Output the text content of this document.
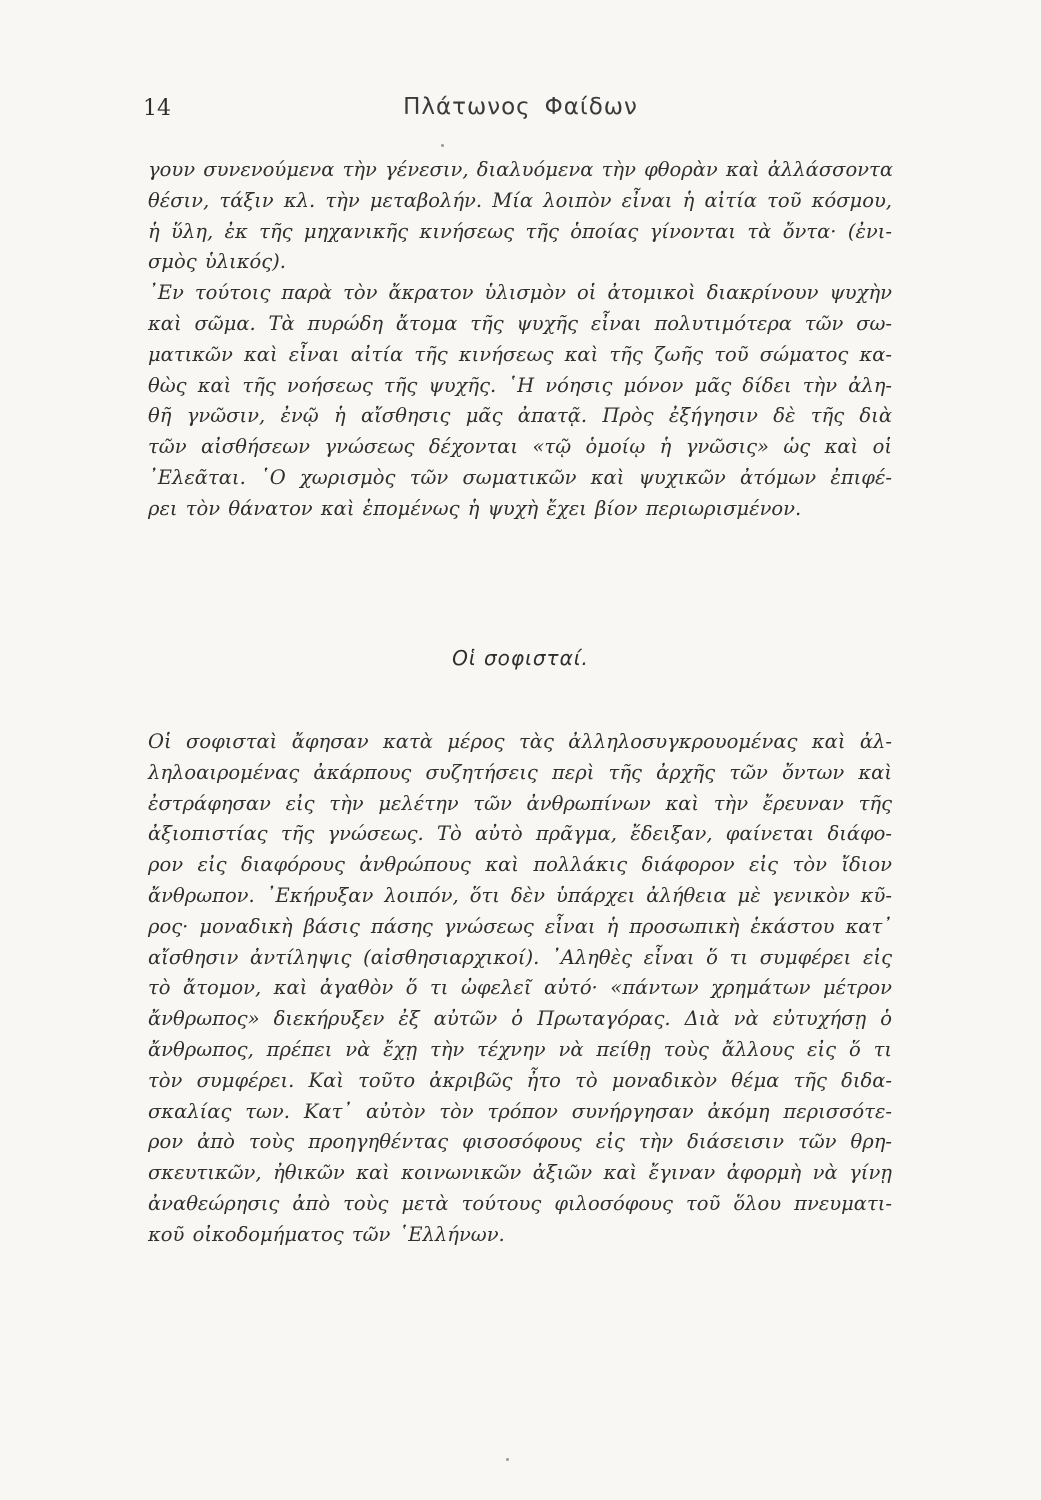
14	Πλάτωνος Φαίδων
γουν συνενούμενα τὴν γένεσιν, διαλυόμενα τὴν φθορὰν καὶ ἀλλάσσοντα
θέσιν, τάξιν κλ. τὴν μεταβολήν. Μία λοιπὸν εἶναι ἡ αἰτία τοῦ κόσμου,
ἡ ὕλη, ἐκ τῆς μηχανικῆς κινήσεως τῆς ὁποίας γίνονται τὰ ὄντα· (ἐνι-
σμὸς ὑλικός).
᾿Εν τούτοις παρὰ τὸν ἄκρατον ὑλισμὸν οἱ ἀτομικοὶ διακρίνουν ψυχὴν
καὶ σῶμα. Τὰ πυρώδη ἄτομα τῆς ψυχῆς εἶναι πολυτιμότερα τῶν σω-
ματικῶν καὶ εἶναι αἰτία τῆς κινήσεως καὶ τῆς ζωῆς τοῦ σώματος κα-
θὼς καὶ τῆς νοήσεως τῆς ψυχῆς. ῾Η νόησις μόνον μᾶς δίδει τὴν ἀλη-
θῆ γνῶσιν, ἐνῷ ἡ αἴσθησις μᾶς ἀπατᾷ. Πρὸς ἐξήγησιν δὲ τῆς διὰ
τῶν αἰσθήσεων γνώσεως δέχονται «τῷ ὁμοίῳ ἡ γνῶσις» ὡς καὶ οἱ
᾿Ελεᾶται. ῾Ο χωρισμὸς τῶν σωματικῶν καὶ ψυχικῶν ἀτόμων ἐπιφέ-
ρει τὸν θάνατον καὶ ἑπομένως ἡ ψυχὴ ἔχει βίον περιωρισμένον.
Οἱ σοφισταί.
Οἱ σοφισταὶ ἄφησαν κατὰ μέρος τὰς ἀλληλοσυγκρουομένας καὶ ἀλ-
ληλοαιρομένας ἀκάρπους συζητήσεις περὶ τῆς ἀρχῆς τῶν ὄντων καὶ
ἐστράφησαν εἰς τὴν μελέτην τῶν ἀνθρωπίνων καὶ τὴν ἔρευναν τῆς
ἀξιοπιστίας τῆς γνώσεως. Τὸ αὐτὸ πρᾶγμα, ἔδειξαν, φαίνεται διάφο-
ρον εἰς διαφόρους ἀνθρώπους καὶ πολλάκις διάφορον εἰς τὸν ἴδιον
ἄνθρωπον. ᾿Εκήρυξαν λοιπόν, ὅτι δὲν ὑπάρχει ἀλήθεια μὲ γενικὸν κῦ-
ρος· μοναδικὴ βάσις πάσης γνώσεως εἶναι ἡ προσωπικὴ ἑκάστου κατ᾿
αἴσθησιν ἀντίληψις (αἰσθησιαρχικοί). ᾿Αληθὲς εἶναι ὅ τι συμφέρει εἰς
τὸ ἄτομον, καὶ ἀγαθὸν ὅ τι ὠφελεῖ αὐτό· «πάντων χρημάτων μέτρον
ἄνθρωπος» διεκήρυξεν ἐξ αὐτῶν ὁ Πρωταγόρας. Διὰ νὰ εὐτυχήσῃ ὁ
ἄνθρωπος, πρέπει νὰ ἔχῃ τὴν τέχνην νὰ πείθῃ τοὺς ἄλλους εἰς ὅ τι
τὸν συμφέρει. Καὶ τοῦτο ἀκριβῶς ἦτο τὸ μοναδικὸν θέμα τῆς διδα-
σκαλίας των. Κατ᾿ αὐτὸν τὸν τρόπον συνήργησαν ἀκόμη περισσότε-
ρον ἀπὸ τοὺς προηγηθέντας φισοσόφους εἰς τὴν διάσεισιν τῶν θρη-
σκευτικῶν, ἠθικῶν καὶ κοινωνικῶν ἀξιῶν καὶ ἔγιναν ἀφορμὴ νὰ γίνῃ
ἀναθεώρησις ἀπὸ τοὺς μετὰ τούτους φιλοσόφους τοῦ ὅλου πνευματι-
κοῦ οἰκοδομήματος τῶν ῾Ελλήνων.
